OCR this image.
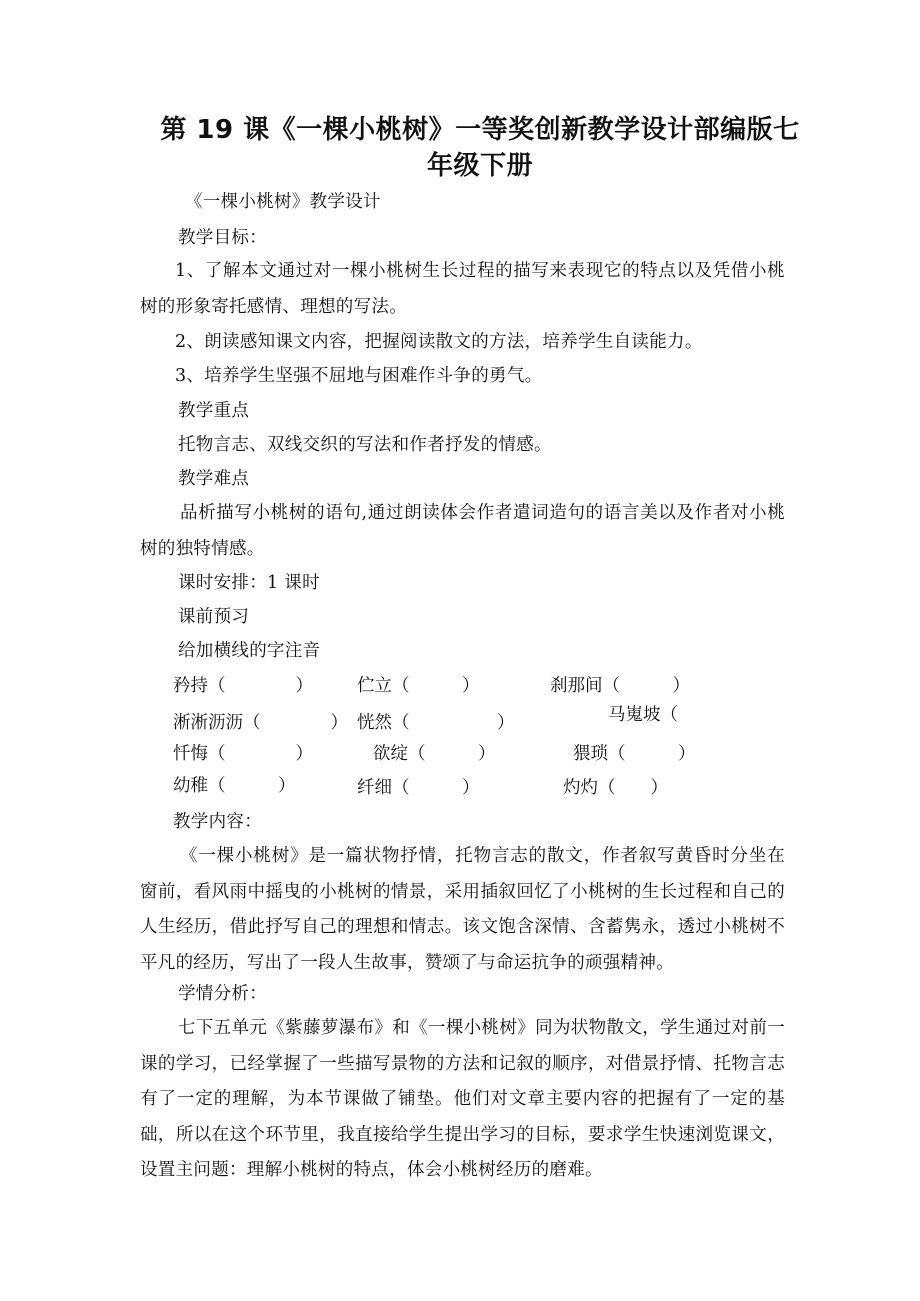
第 19 课《一棵小桃树》一等奖创新教学设计部编版七
年级下册
《一棵小桃树》教学设计
教学目标：
1、了解本文通过对一棵小桃树生长过程的描写来表现它的特点以及凭借小桃树的形象寄托感情、理想的写法。
2、朗读感知课文内容，把握阅读散文的方法，培养学生自读能力。
3、培养学生坚强不屈地与困难作斗争的勇气。
教学重点
托物言志、双线交织的写法和作者抒发的情感。
教学难点
品析描写小桃树的语句,通过朗读体会作者遣词造句的语言美以及作者对小桃树的独特情感。
课时安排：1 课时
课前预习
给加横线的字注音
矜持（　　　　）	伫立（　　　）	刹那间（　　　）
淅淅沥沥（　　　　） 恍然（　　　　　）	马嵬坡（
忏悔（　　　　）	欲绽（　　　）	猥琐（　　　）
幼稚（　　　）	纤细（　　　）	灼灼（　　）
教学内容：
《一棵小桃树》是一篇状物抒情，托物言志的散文，作者叙写黄昏时分坐在窗前，看风雨中摇曳的小桃树的情景，采用插叙回忆了小桃树的生长过程和自己的人生经历，借此抒写自己的理想和情志。该文饱含深情、含蓄隽永，透过小桃树不平凡的经历，写出了一段人生故事，赞颂了与命运抗争的顽强精神。
学情分析：
七下五单元《紫藤萝瀑布》和《一棵小桃树》同为状物散文，学生通过对前一课的学习，已经掌握了一些描写景物的方法和记叙的顺序，对借景抒情、托物言志有了一定的理解，为本节课做了铺垫。他们对文章主要内容的把握有了一定的基础，所以在这个环节里，我直接给学生提出学习的目标，要求学生快速浏览课文，设置主问题：理解小桃树的特点，体会小桃树经历的磨难。
